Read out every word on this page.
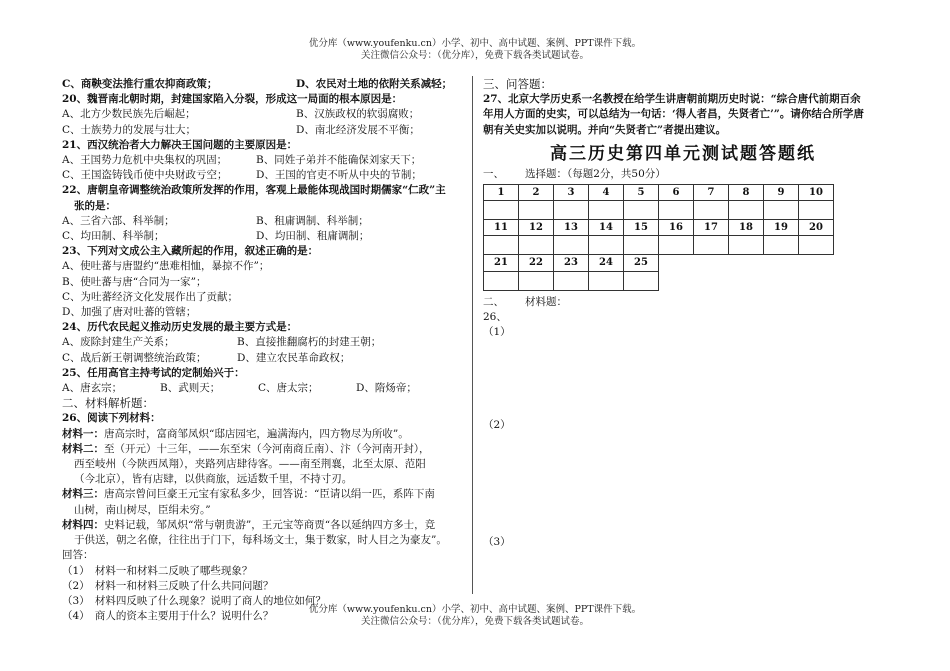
优分库（www.youfenku.cn）小学、初中、高中试题、案例、PPT课件下载。
关注微信公众号：（优分库），免费下载各类试题试卷。
C、商鞅变法推行重农抑商政策；	D、农民对土地的依附关系减轻；
20、魏晋南北朝时期，封建国家陷入分裂，形成这一局面的根本原因是：
A、北方少数民族先后崛起；	B、汉族政权的软弱腐败；
C、士族势力的发展与壮大；	D、南北经济发展不平衡；
21、西汉统治者大力解决王国问题的主要原因是：
A、王国势力危机中央集权的巩固；	B、同姓子弟并不能确保刘家天下；
C、王国盗铸钱币使中央财政亏空；	D、王国的官吏不听从中央的节制；
22、唐朝皇帝调整统治政策所发挥的作用，客观上最能体现战国时期儒家“仁政”主
张的是：
A、三省六部、科举制；	B、租庸调制、科举制；
C、均田制、科举制；	D、均田制、租庸调制；
23、下列对文成公主入藏所起的作用，叙述正确的是：
A、使吐蕃与唐盟约“患难相恤，暴掠不作”；
B、使吐蕃与唐“合同为一家”；
C、为吐蕃经济文化发展作出了贡献；
D、加强了唐对吐蕃的管辖；
24、历代农民起义推动历史发展的最主要方式是：
A、废除封建生产关系；	B、直接推翻腐朽的封建王朝；
C、战后新王朝调整统治政策；	D、建立农民革命政权；
25、任用高官主持考试的定制始兴于：
A、唐玄宗；	B、武则天；	C、唐太宗；	D、隋炀帝；
二、材料解析题：
26、阅读下列材料：
材料一：唐高宗时，富商邹凤炽“邸店园宅，遍满海内，四方物尽为所收”。
材料二：至（开元）十三年，——东至宋（今河南商丘南）、汴（今河南开封），
西至岐州（今陕西凤翔），夹路列店肆待客。——南至荆襄，北至太原、范阳
（今北京），皆有店肆，以供商旅，远适数千里，不持寸刃。
材料三：唐高宗曾问巨豪王元宝有家私多少，回答说：“臣请以绢一匹，系阵下南
山树，南山树尽，臣绢未穷。”
材料四：史料记载，邹凤炽“常与朝贵游”，王元宝等商贾“各以延纳四方多士，竞
于供送，朝之名僚，往往出于门下，每科场文士，集于数家，时人目之为豪友”。
回答：
（1）　材料一和材料二反映了哪些现象？
（2）　材料一和材料三反映了什么共同问题？
（3）　材料四反映了什么现象？说明了商人的地位如何？
（4）　商人的资本主要用于什么？说明什么？
三、问答题：
27、北京大学历史系一名教授在给学生讲唐朝前期历史时说：“综合唐代前期百余
年用人方面的史实，可以总结为一句话：‘得人者昌，失贤者亡’”。请你结合所学唐
朝有关史实加以说明。并向“失贤者亡”者提出建议。
高三历史第四单元测试题答题纸
一、	选择题：（每题2分，共50分）
1	2	3	4	5	6	7	8	9	10

11	12	13	14	15	16	17	18	19	20

21	22	23	24	25					

二、	材料题：
26、
（1）
（2）
（3）
优分库（www.youfenku.cn）小学、初中、高中试题、案例、PPT课件下载。
关注微信公众号：（优分库），免费下载各类试题试卷。
